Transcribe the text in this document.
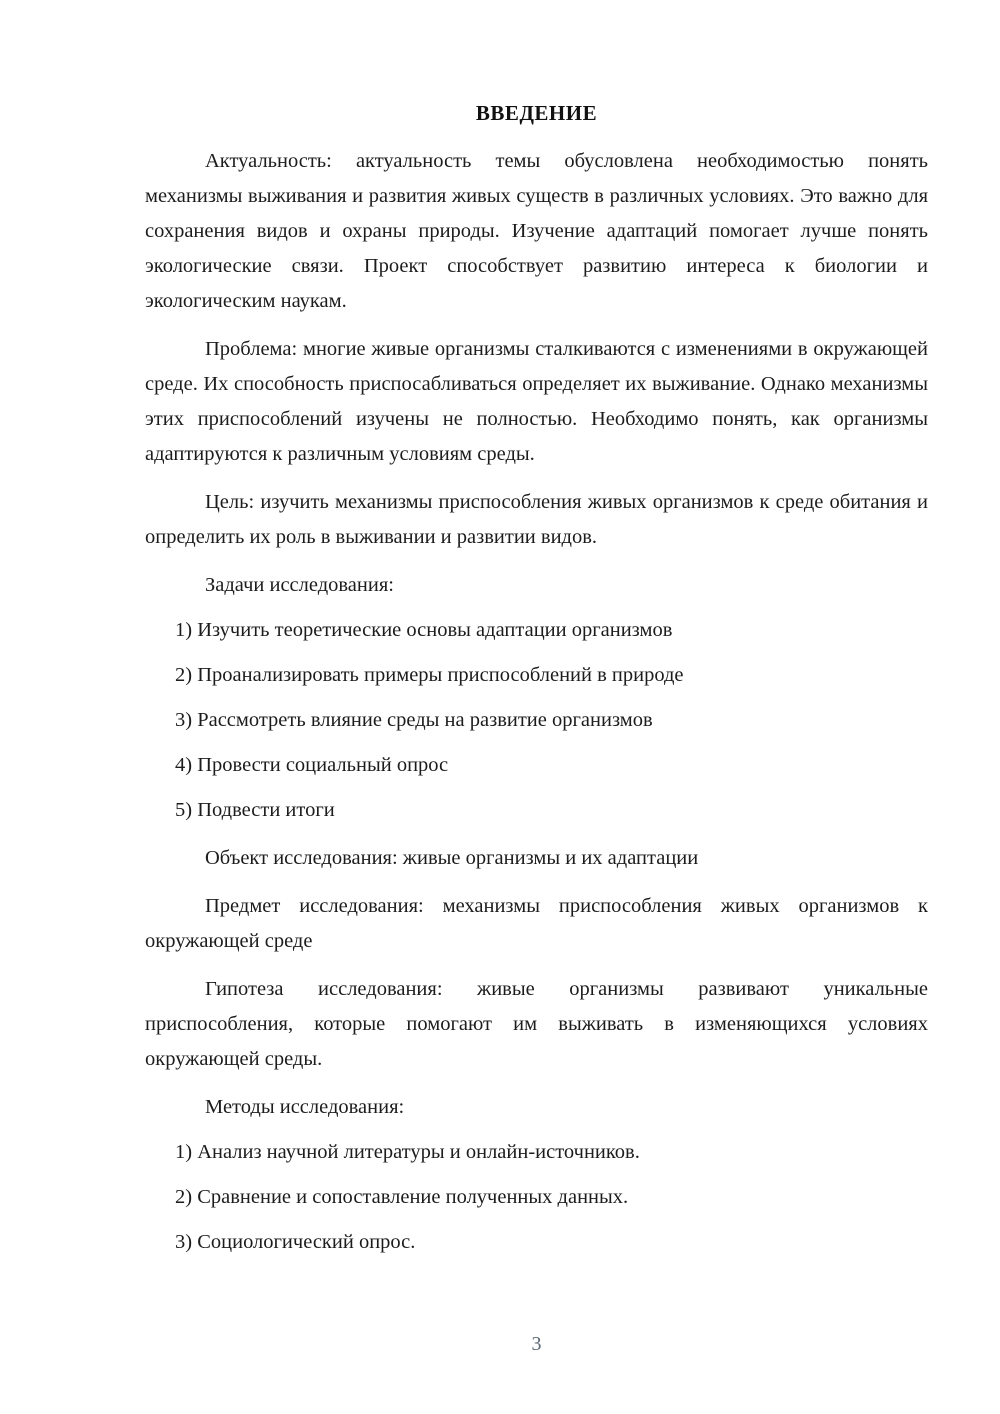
ВВЕДЕНИЕ

Актуальность: актуальность темы обусловлена необходимостью понять механизмы выживания и развития живых существ в различных условиях. Это важно для сохранения видов и охраны природы. Изучение адаптаций помогает лучше понять экологические связи. Проект способствует развитию интереса к биологии и экологическим наукам.

Проблема: многие живые организмы сталкиваются с изменениями в окружающей среде. Их способность приспосабливаться определяет их выживание. Однако механизмы этих приспособлений изучены не полностью. Необходимо понять, как организмы адаптируются к различным условиям среды.

Цель: изучить механизмы приспособления живых организмов к среде обитания и определить их роль в выживании и развитии видов.

Задачи исследования:

1) Изучить теоретические основы адаптации организмов

2) Проанализировать примеры приспособлений в природе

3) Рассмотреть влияние среды на развитие организмов

4) Провести социальный опрос

5) Подвести итоги

Объект исследования: живые организмы и их адаптации

Предмет исследования: механизмы приспособления живых организмов к окружающей среде

Гипотеза исследования: живые организмы развивают уникальные приспособления, которые помогают им выживать в изменяющихся условиях окружающей среды.

Методы исследования:

1) Анализ научной литературы и онлайн-источников.

2) Сравнение и сопоставление полученных данных.

3) Социологический опрос.

3
